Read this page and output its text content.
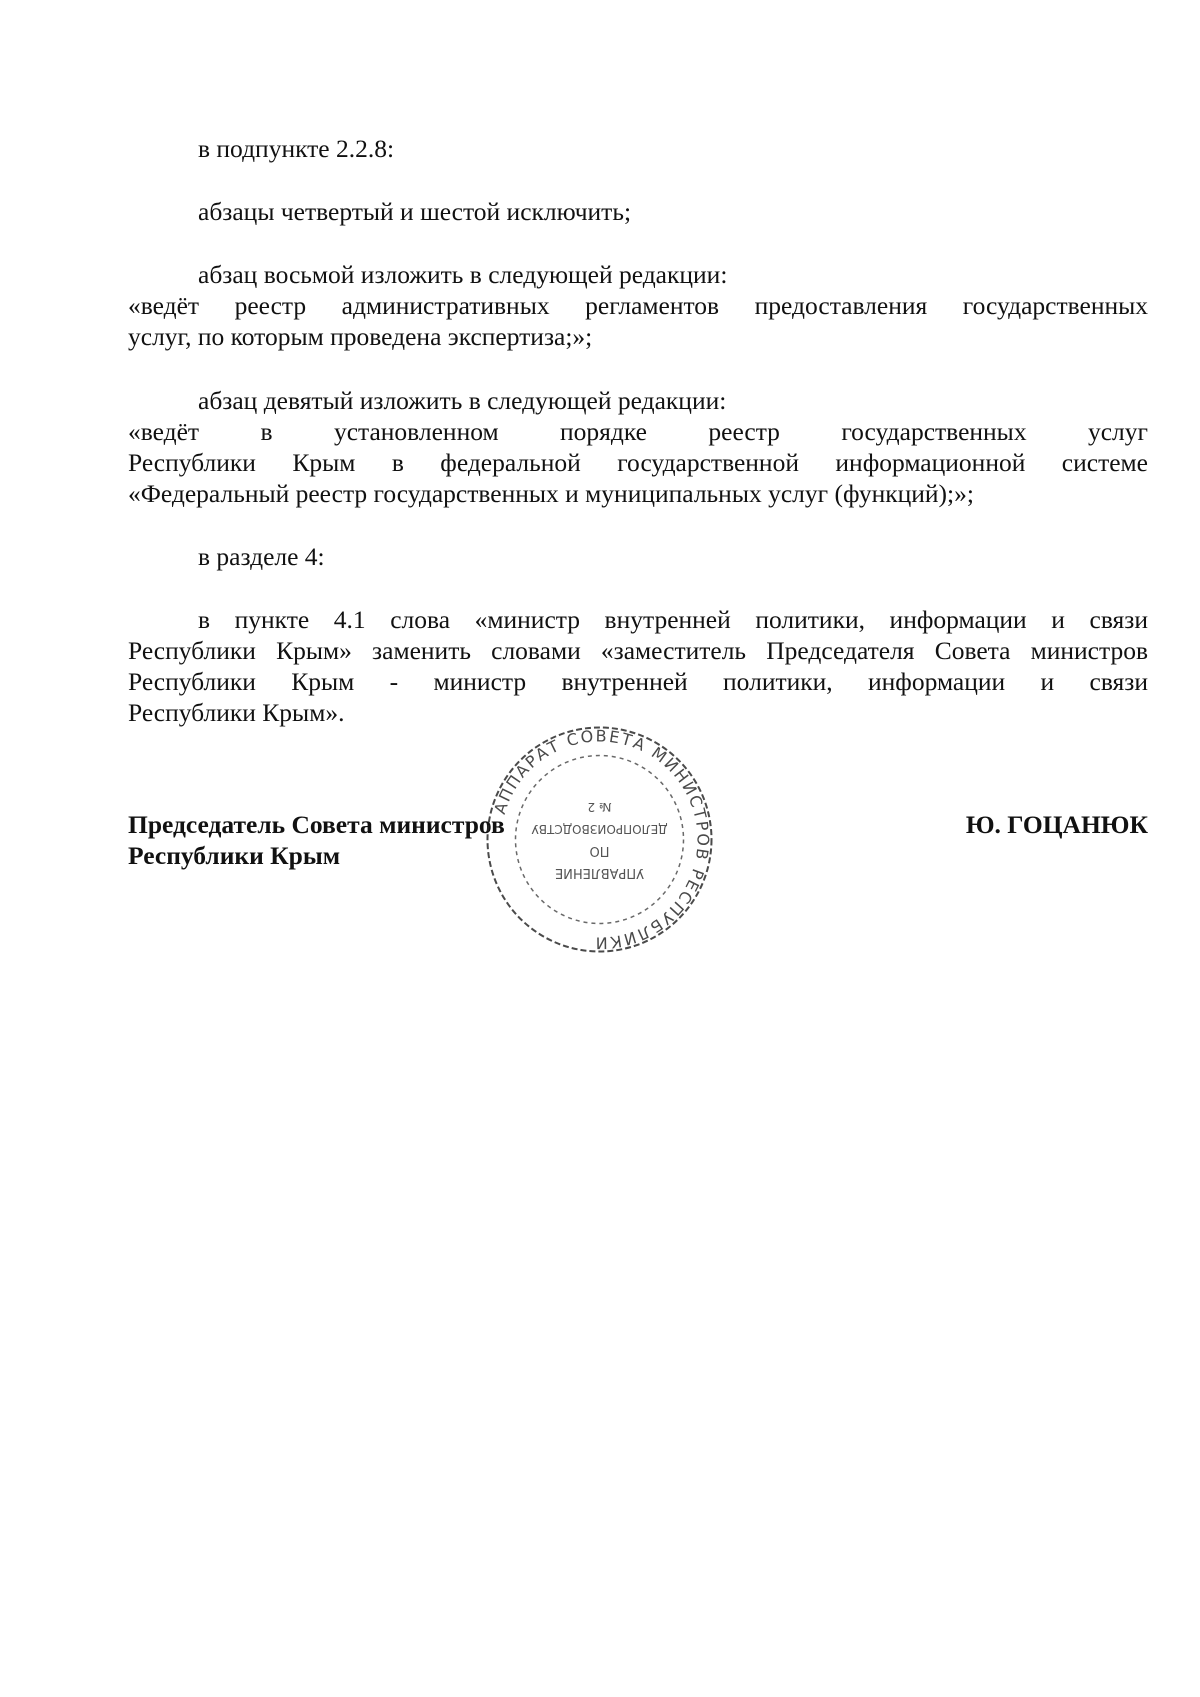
в подпункте 2.2.8:
абзацы четвертый и шестой исключить;
абзац восьмой изложить в следующей редакции:
«ведёт реестр административных регламентов предоставления государственных
услуг, по которым проведена экспертиза;»;
абзац девятый изложить в следующей редакции:
«ведёт в установленном порядке реестр государственных услуг
Республики Крым в федеральной государственной информационной системе
«Федеральный реестр государственных и муниципальных услуг (функций);»;
в разделе 4:
в пункте 4.1 слова «министр внутренней политики, информации и связи
Республики Крым» заменить словами «заместитель Председателя Совета министров
Республики Крым - министр внутренней политики, информации и связи
Республики Крым».
Председатель Совета министров
Республики Крым
Ю. ГОЦАНЮК
АППАРАТ СОВЕТА МИНИСТРОВ РЕСПУБЛИКИ
УПРАВЛЕНИЕ
ПО
ДЕЛОПРОИЗВОДСТВУ
№ 2
